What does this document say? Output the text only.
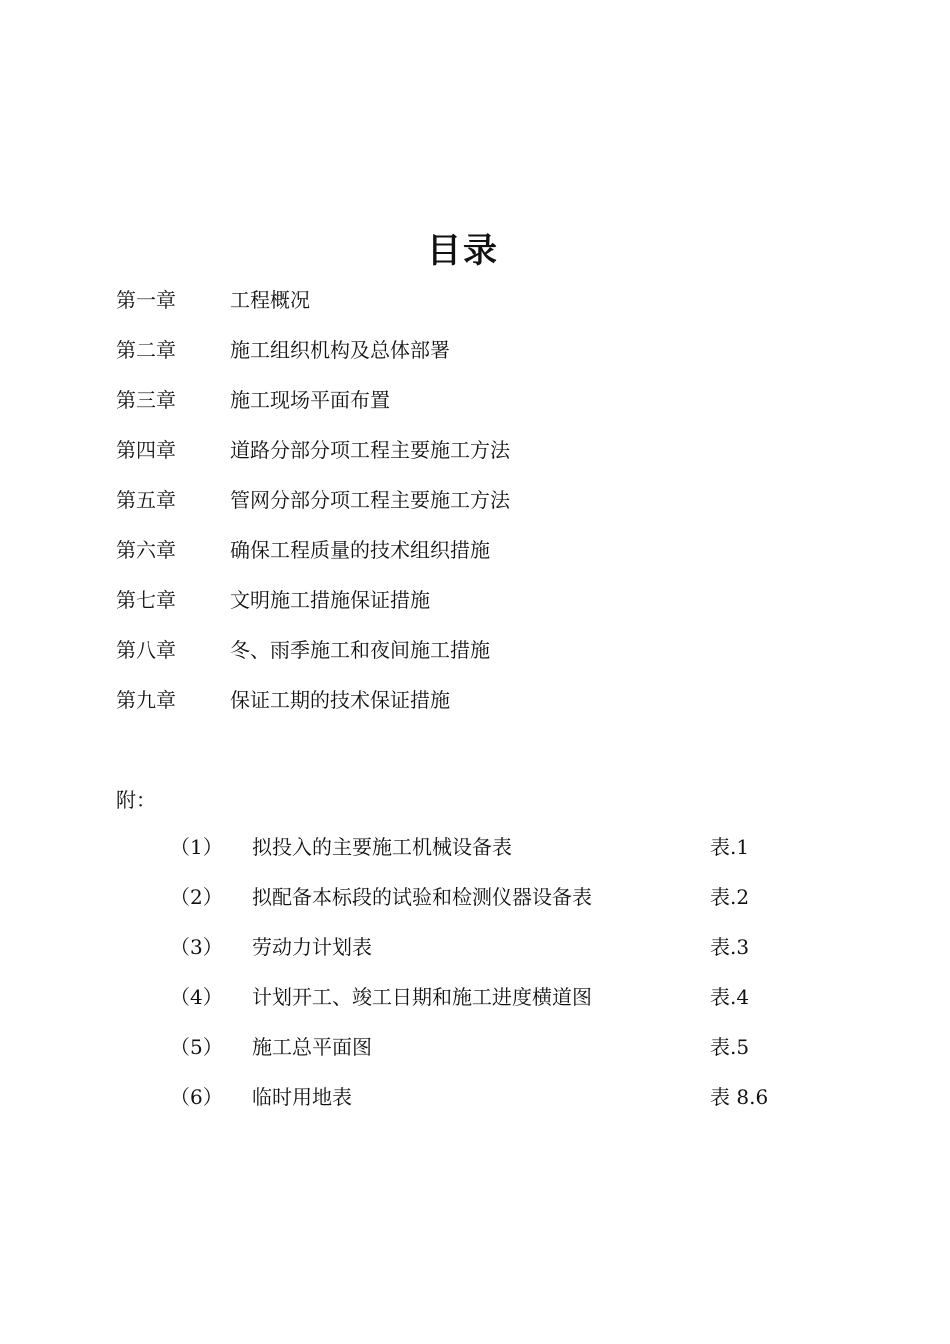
目录
第一章	工程概况
第二章	施工组织机构及总体部署
第三章	施工现场平面布置
第四章	道路分部分项工程主要施工方法
第五章	管网分部分项工程主要施工方法
第六章	确保工程质量的技术组织措施
第七章	文明施工措施保证措施
第八章	冬、雨季施工和夜间施工措施
第九章	保证工期的技术保证措施
附：
（1） 拟投入的主要施工机械设备表	表.1
（2） 拟配备本标段的试验和检测仪器设备表	表.2
（3） 劳动力计划表	表.3
（4） 计划开工、竣工日期和施工进度横道图	表.4
（5） 施工总平面图	表.5
（6） 临时用地表	表 8.6
